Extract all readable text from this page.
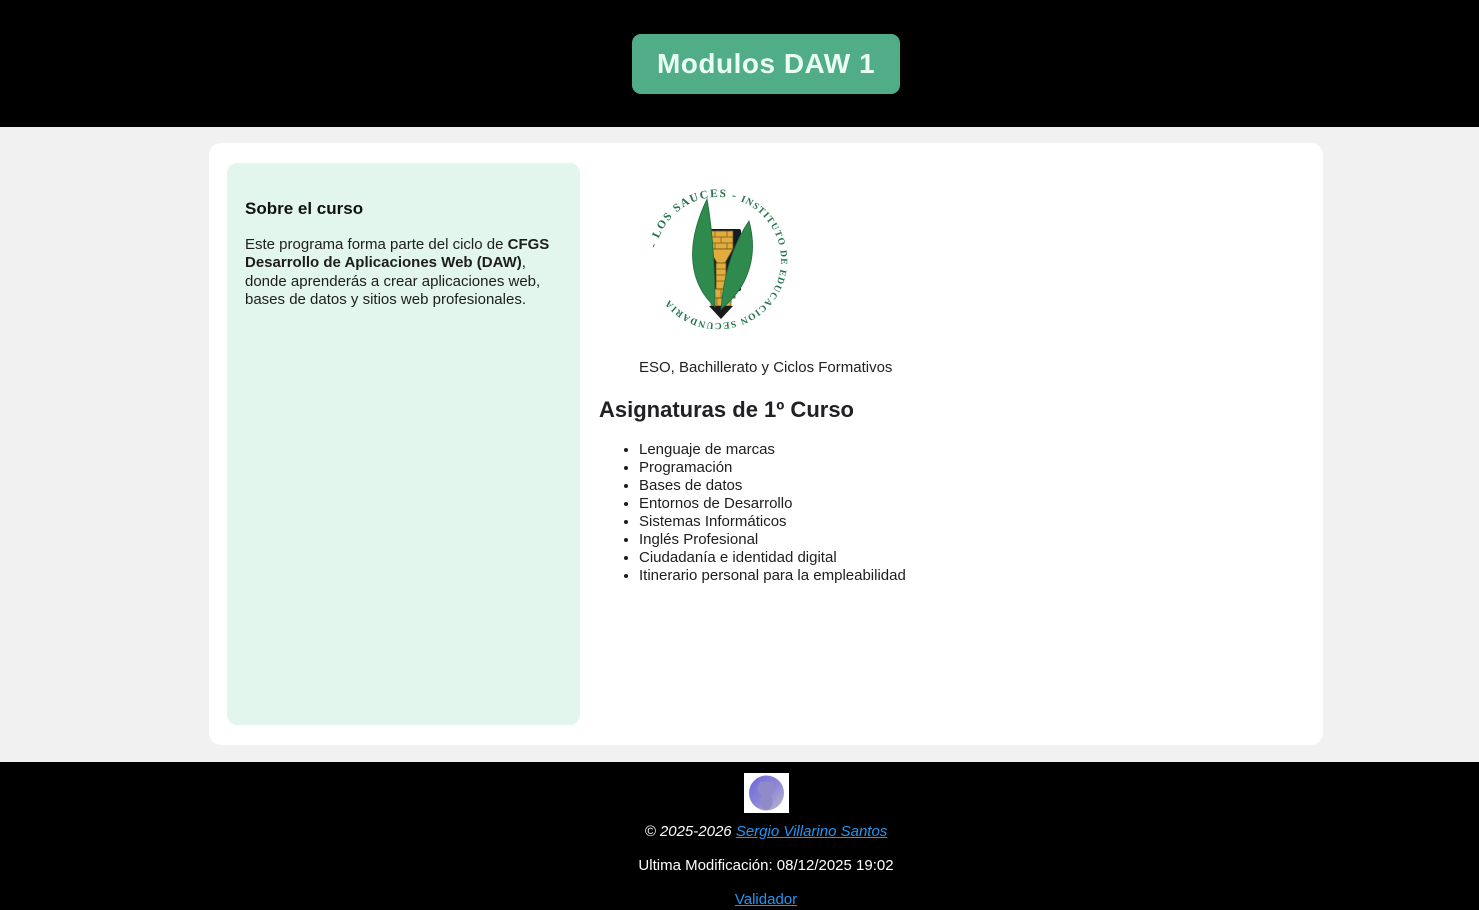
Modulos DAW 1
Sobre el curso

Este programa forma parte del ciclo de CFGS Desarrollo de Aplicaciones Web (DAW), donde aprenderás a crear aplicaciones web, bases de datos y sitios web profesionales.

- LOS SAUCES - INSTITUTO DE EDUCACION SECUNDARIA
ESO, Bachillerato y Ciclos Formativos
Asignaturas de 1º Curso
• Lenguaje de marcas
• Programación
• Bases de datos
• Entornos de Desarrollo
• Sistemas Informáticos
• Inglés Profesional
• Ciudadanía e identidad digital
• Itinerario personal para la empleabilidad

© 2025-2026 Sergio Villarino Santos

Ultima Modificación: 08/12/2025 19:02

Validador
